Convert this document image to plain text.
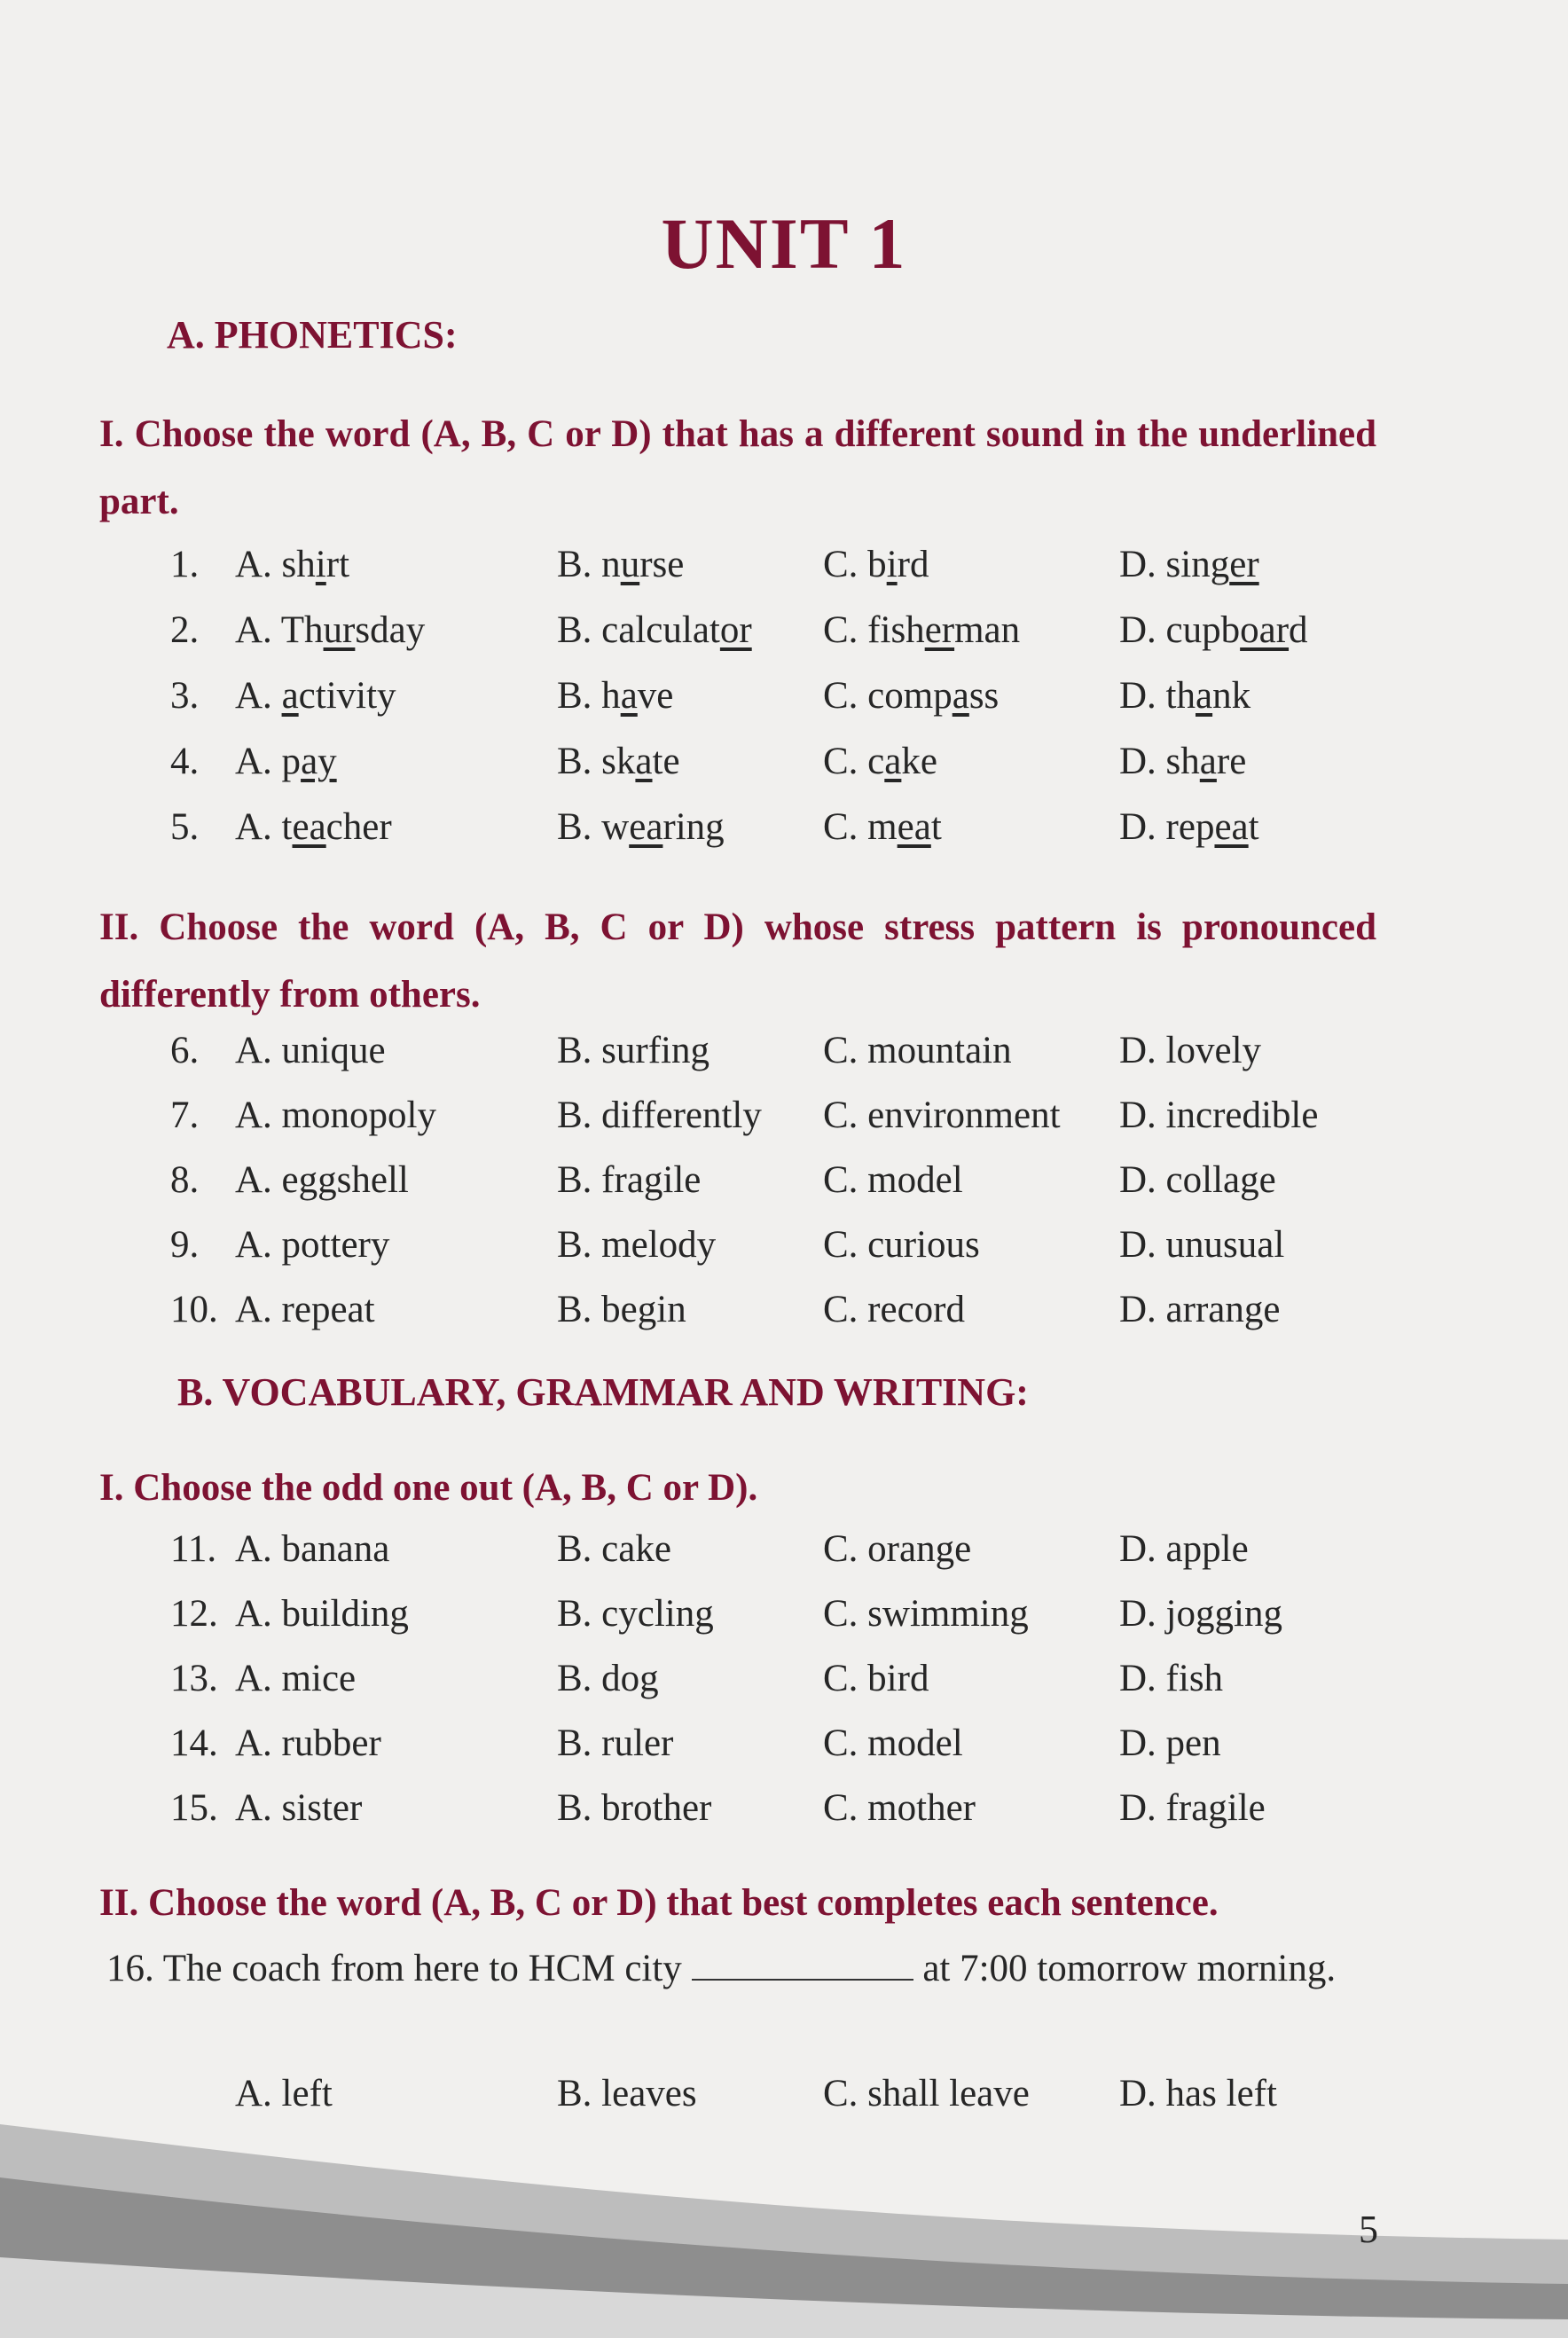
UNIT 1
A. PHONETICS:
I. Choose the word (A, B, C or D) that has a different sound in the underlined part.
1. A. shirt	B. nurse	C. bird	D. singer
2. A. Thursday	B. calculator C. fisherman	D. cupboard
3. A. activity	B. have	C. compass	D. thank
4. A. pay	B. skate	C. cake	D. share
5. A. teacher	B. wearing	C. meat	D. repeat
II. Choose the word (A, B, C or D) whose stress pattern is pronounced differently from others.
6. A. unique	B. surfing	C. mountain	D. lovely
7. A. monopoly	B. differently C. environment D. incredible
8. A. eggshell	B. fragile	C. model	D. collage
9. A. pottery	B. melody	C. curious	D. unusual
10. A. repeat	B. begin	C. record	D. arrange
B. VOCABULARY, GRAMMAR AND WRITING:
I. Choose the odd one out (A, B, C or D).
11. A. banana	B. cake	C. orange	D. apple
12. A. building	B. cycling	C. swimming D. jogging
13. A. mice	B. dog	C. bird	D. fish
14. A. rubber	B. ruler	C. model	D. pen
15. A. sister	B. brother	C. mother	D. fragile
II. Choose the word (A, B, C or D) that best completes each sentence.
16. The coach from here to HCM city	at 7:00 tomorrow morning.
A. left	B. leaves	C. shall leave D. has left
5
